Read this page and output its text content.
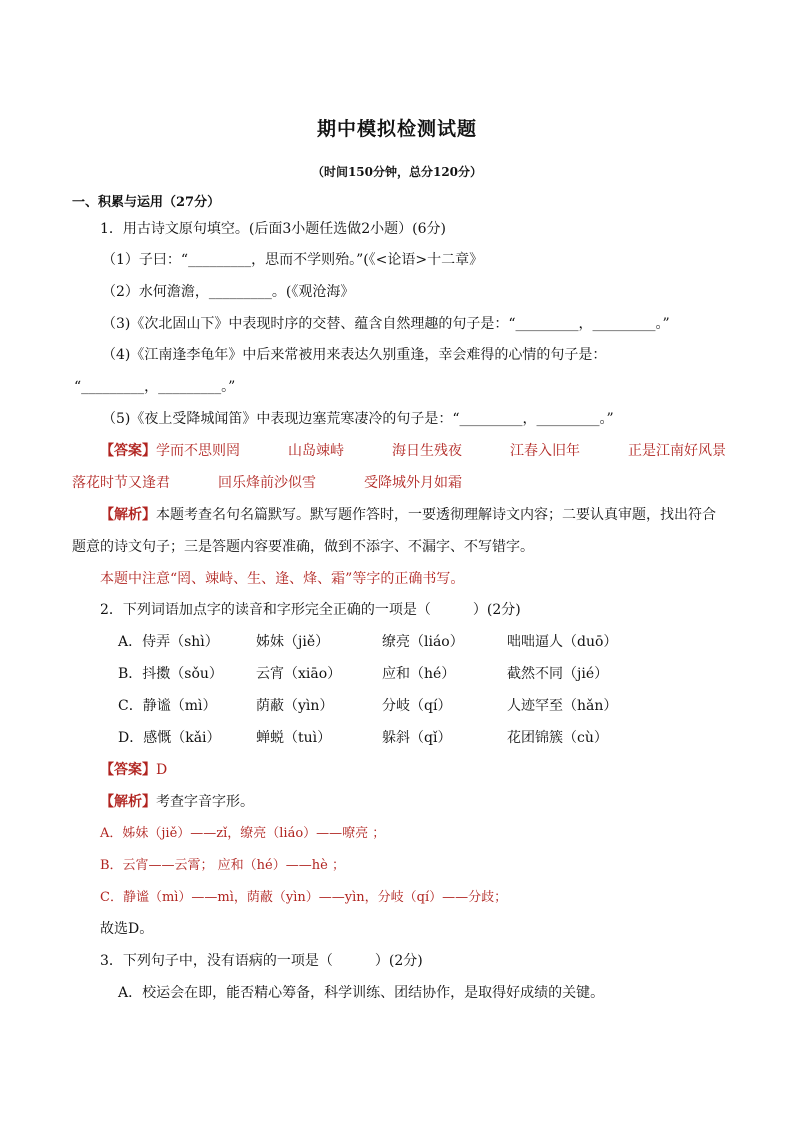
期中模拟检测试题
（时间150分钟，总分120分）
一、积累与运用（27分）
1．用古诗文原句填空。(后面3小题任选做2小题）(6分)
（1）子曰：“_________，思而不学则殆。”(《<论语>十二章》
（2）水何澹澹，_________。(《观沧海》
（3)《次北固山下》中表现时序的交替、蕴含自然理趣的句子是：“_________，_________。”
（4)《江南逢李龟年》中后来常被用来表达久别重逢，幸会难得的心情的句子是：
“_________，_________。”
（5)《夜上受降城闻笛》中表现边塞荒寒凄冷的句子是：“_________，_________。”
【答案】学而不思则罔	山岛竦峙	海日生残夜	江春入旧年	正是江南好风景
落花时节又逢君	回乐烽前沙似雪	受降城外月如霜
【解析】本题考查名句名篇默写。默写题作答时，一要透彻理解诗文内容；二要认真审题，找出符合
题意的诗文句子；三是答题内容要准确，做到不添字、不漏字、不写错字。
本题中注意“罔、竦峙、生、逢、烽、霜”等字的正确书写。
2．下列词语加点字的读音和字形完全正确的一项是（　　　）(2分)
A．侍弄（shì）	姊妹（jiě）	缭亮（liáo）	咄咄逼人（duō）
B．抖擞（sǒu） 云宵（xiāo）	应和（hé）	截然不同（jié）
C．静谧（mì）	荫蔽（yìn）	分岐（qí）	人迹罕至（hǎn）
D．感慨（kǎi）	蝉蜕（tuì）	躲斜（qǐ）	花团锦簇（cù）
【答案】D
【解析】考查字音字形。
A．姊妹（jiě）——zǐ，缭亮（liáo）——嘹亮 ；
B．云宵——云霄； 应和（hé）——hè ；
C．静谧（mì）——mì，荫蔽（yìn）——yìn，分岐（qí）——分歧；
故选D。
3．下列句子中，没有语病的一项是（　　　）(2分)
A．校运会在即，能否精心筹备，科学训练、团结协作，是取得好成绩的关键。
